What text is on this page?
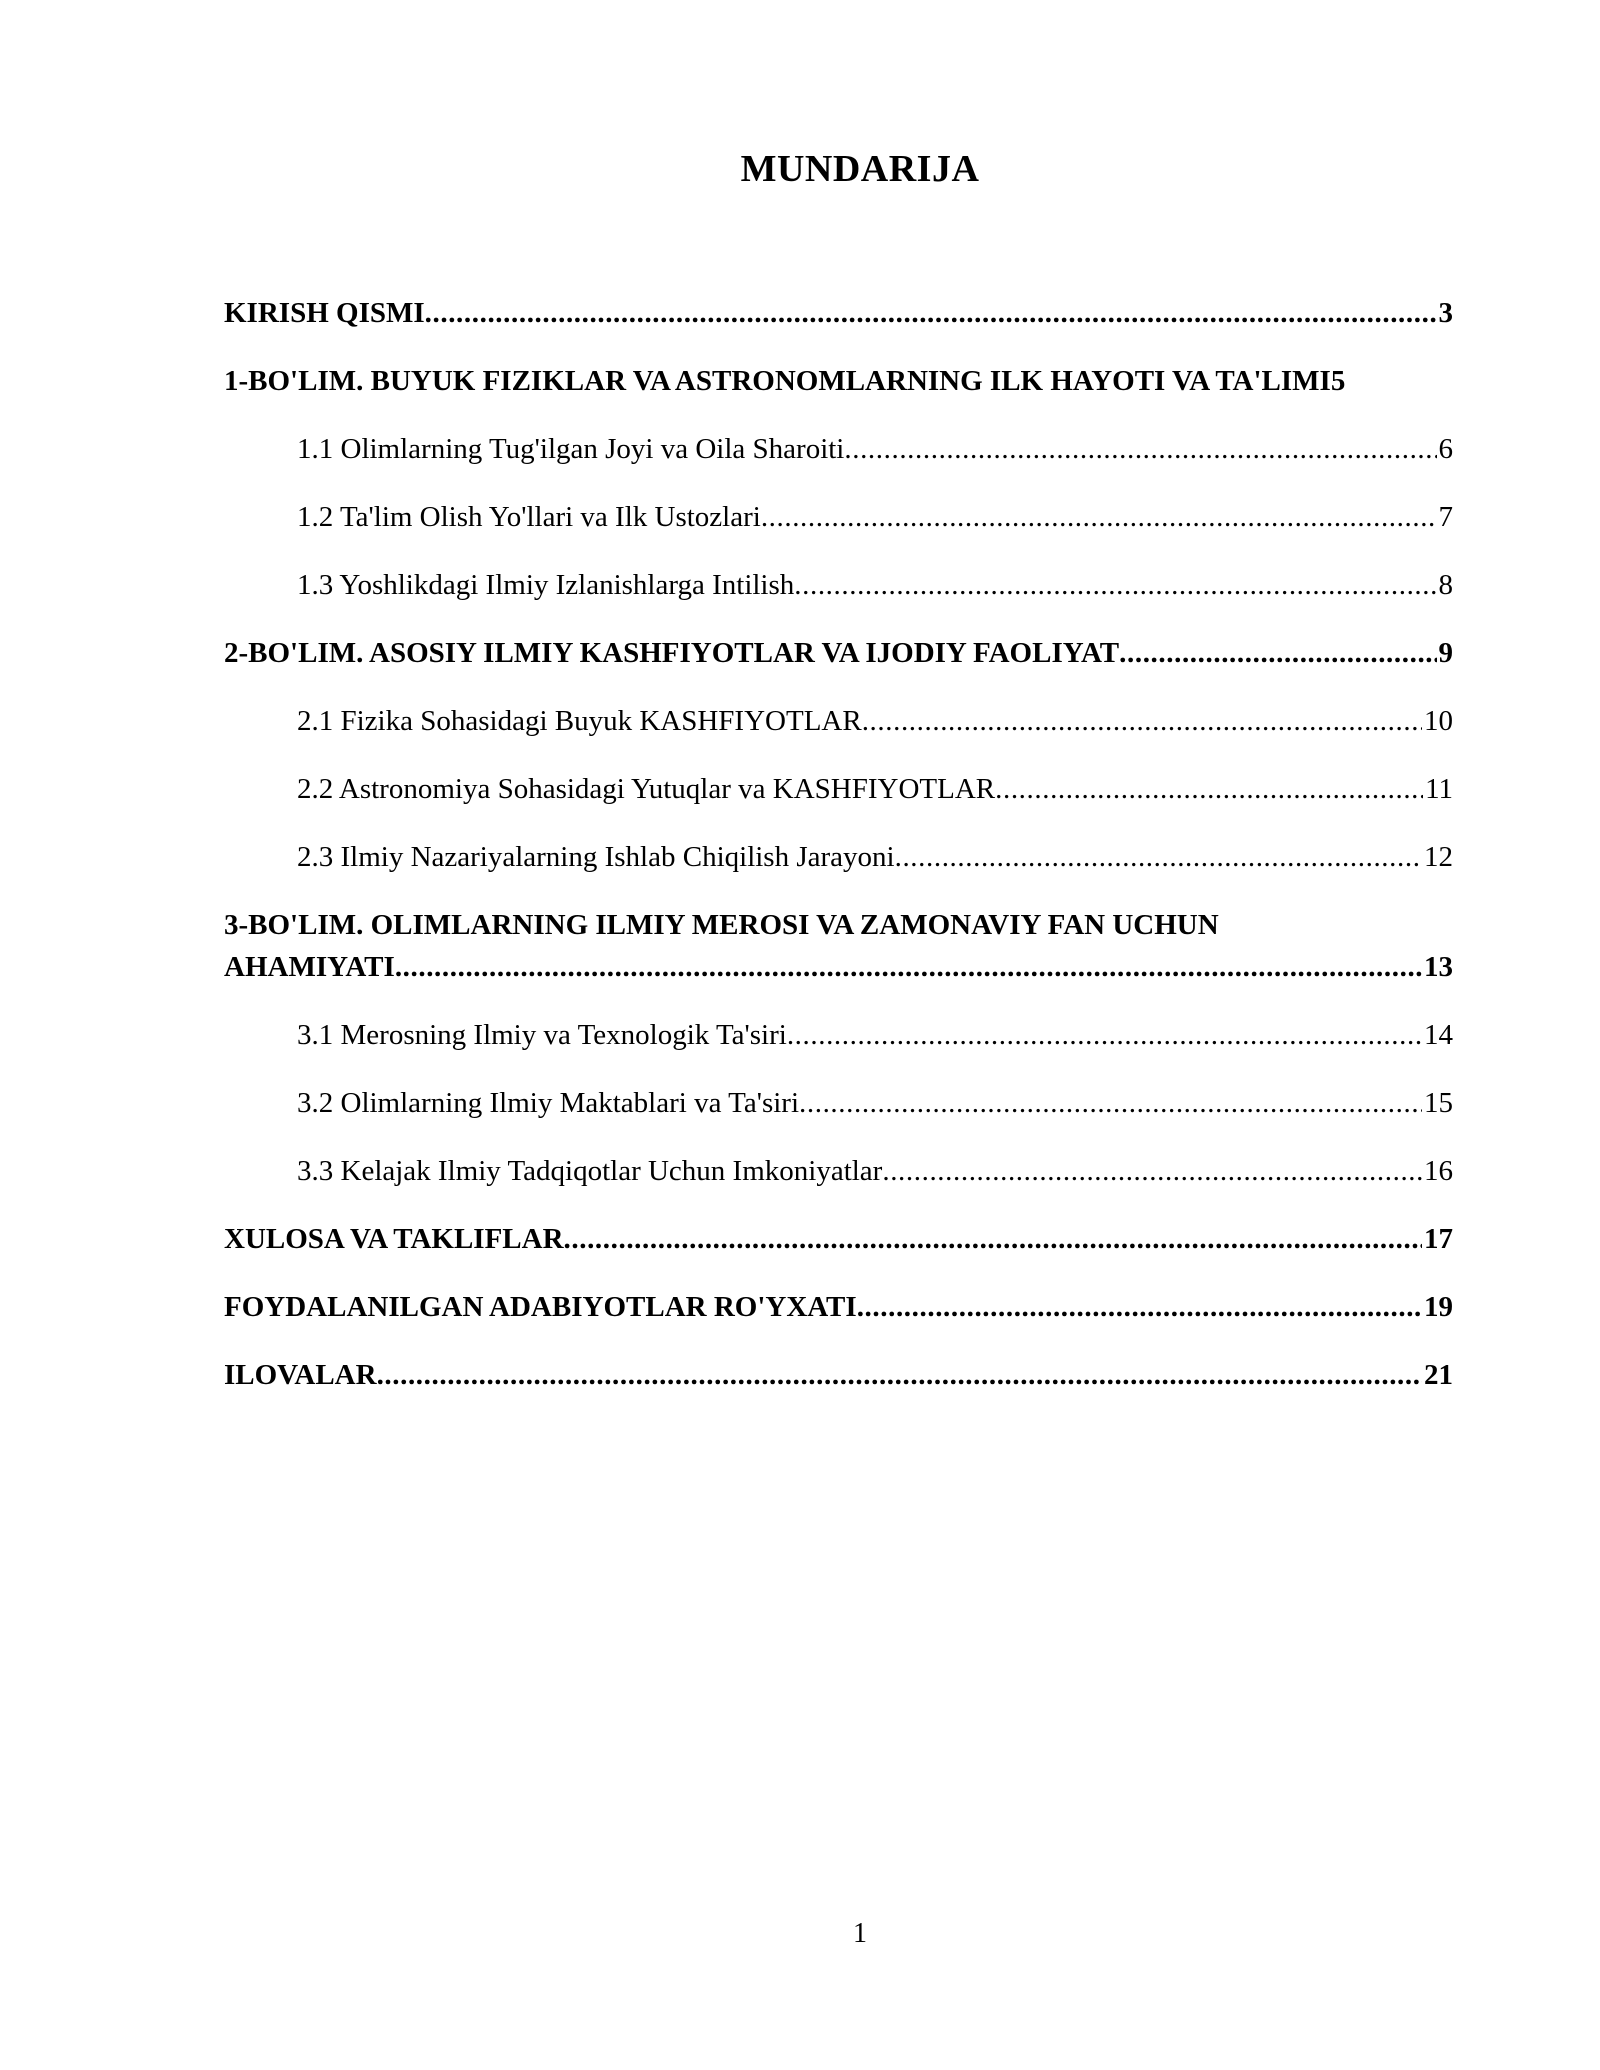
MUNDARIJA
KIRISH QISMI .....	3
1-BO'LIM. BUYUK FIZIKLAR VA ASTRONOMLARNING ILK HAYOTI VA TA'LIMI 5
1.1 Olimlarning Tug'ilgan Joyi va Oila Sharoiti .....	6
1.2 Ta'lim Olish Yo'llari va Ilk Ustozlari .....	7
1.3 Yoshlikdagi Ilmiy Izlanishlarga Intilish .....	8
2-BO'LIM. ASOSIY ILMIY KASHFIYOTLAR VA IJODIY FAOLIYAT .....	9
2.1 Fizika Sohasidagi Buyuk KASHFIYOTLAR .....	10
2.2 Astronomiya Sohasidagi Yutuqlar va KASHFIYOTLAR .....	11
2.3 Ilmiy Nazariyalarning Ishlab Chiqilish Jarayoni .....	12
3-BO'LIM. OLIMLARNING ILMIY MEROSI VA ZAMONAVIY FAN UCHUN
AHAMIYATI .....	13
3.1 Merosning Ilmiy va Texnologik Ta'siri .....	14
3.2 Olimlarning Ilmiy Maktablari va Ta'siri .....	15
3.3 Kelajak Ilmiy Tadqiqotlar Uchun Imkoniyatlar .....	16
XULOSA VA TAKLIFLAR .....	17
FOYDALANILGAN ADABIYOTLAR RO'YXATI .....	19
ILOVALAR .....	21
1
